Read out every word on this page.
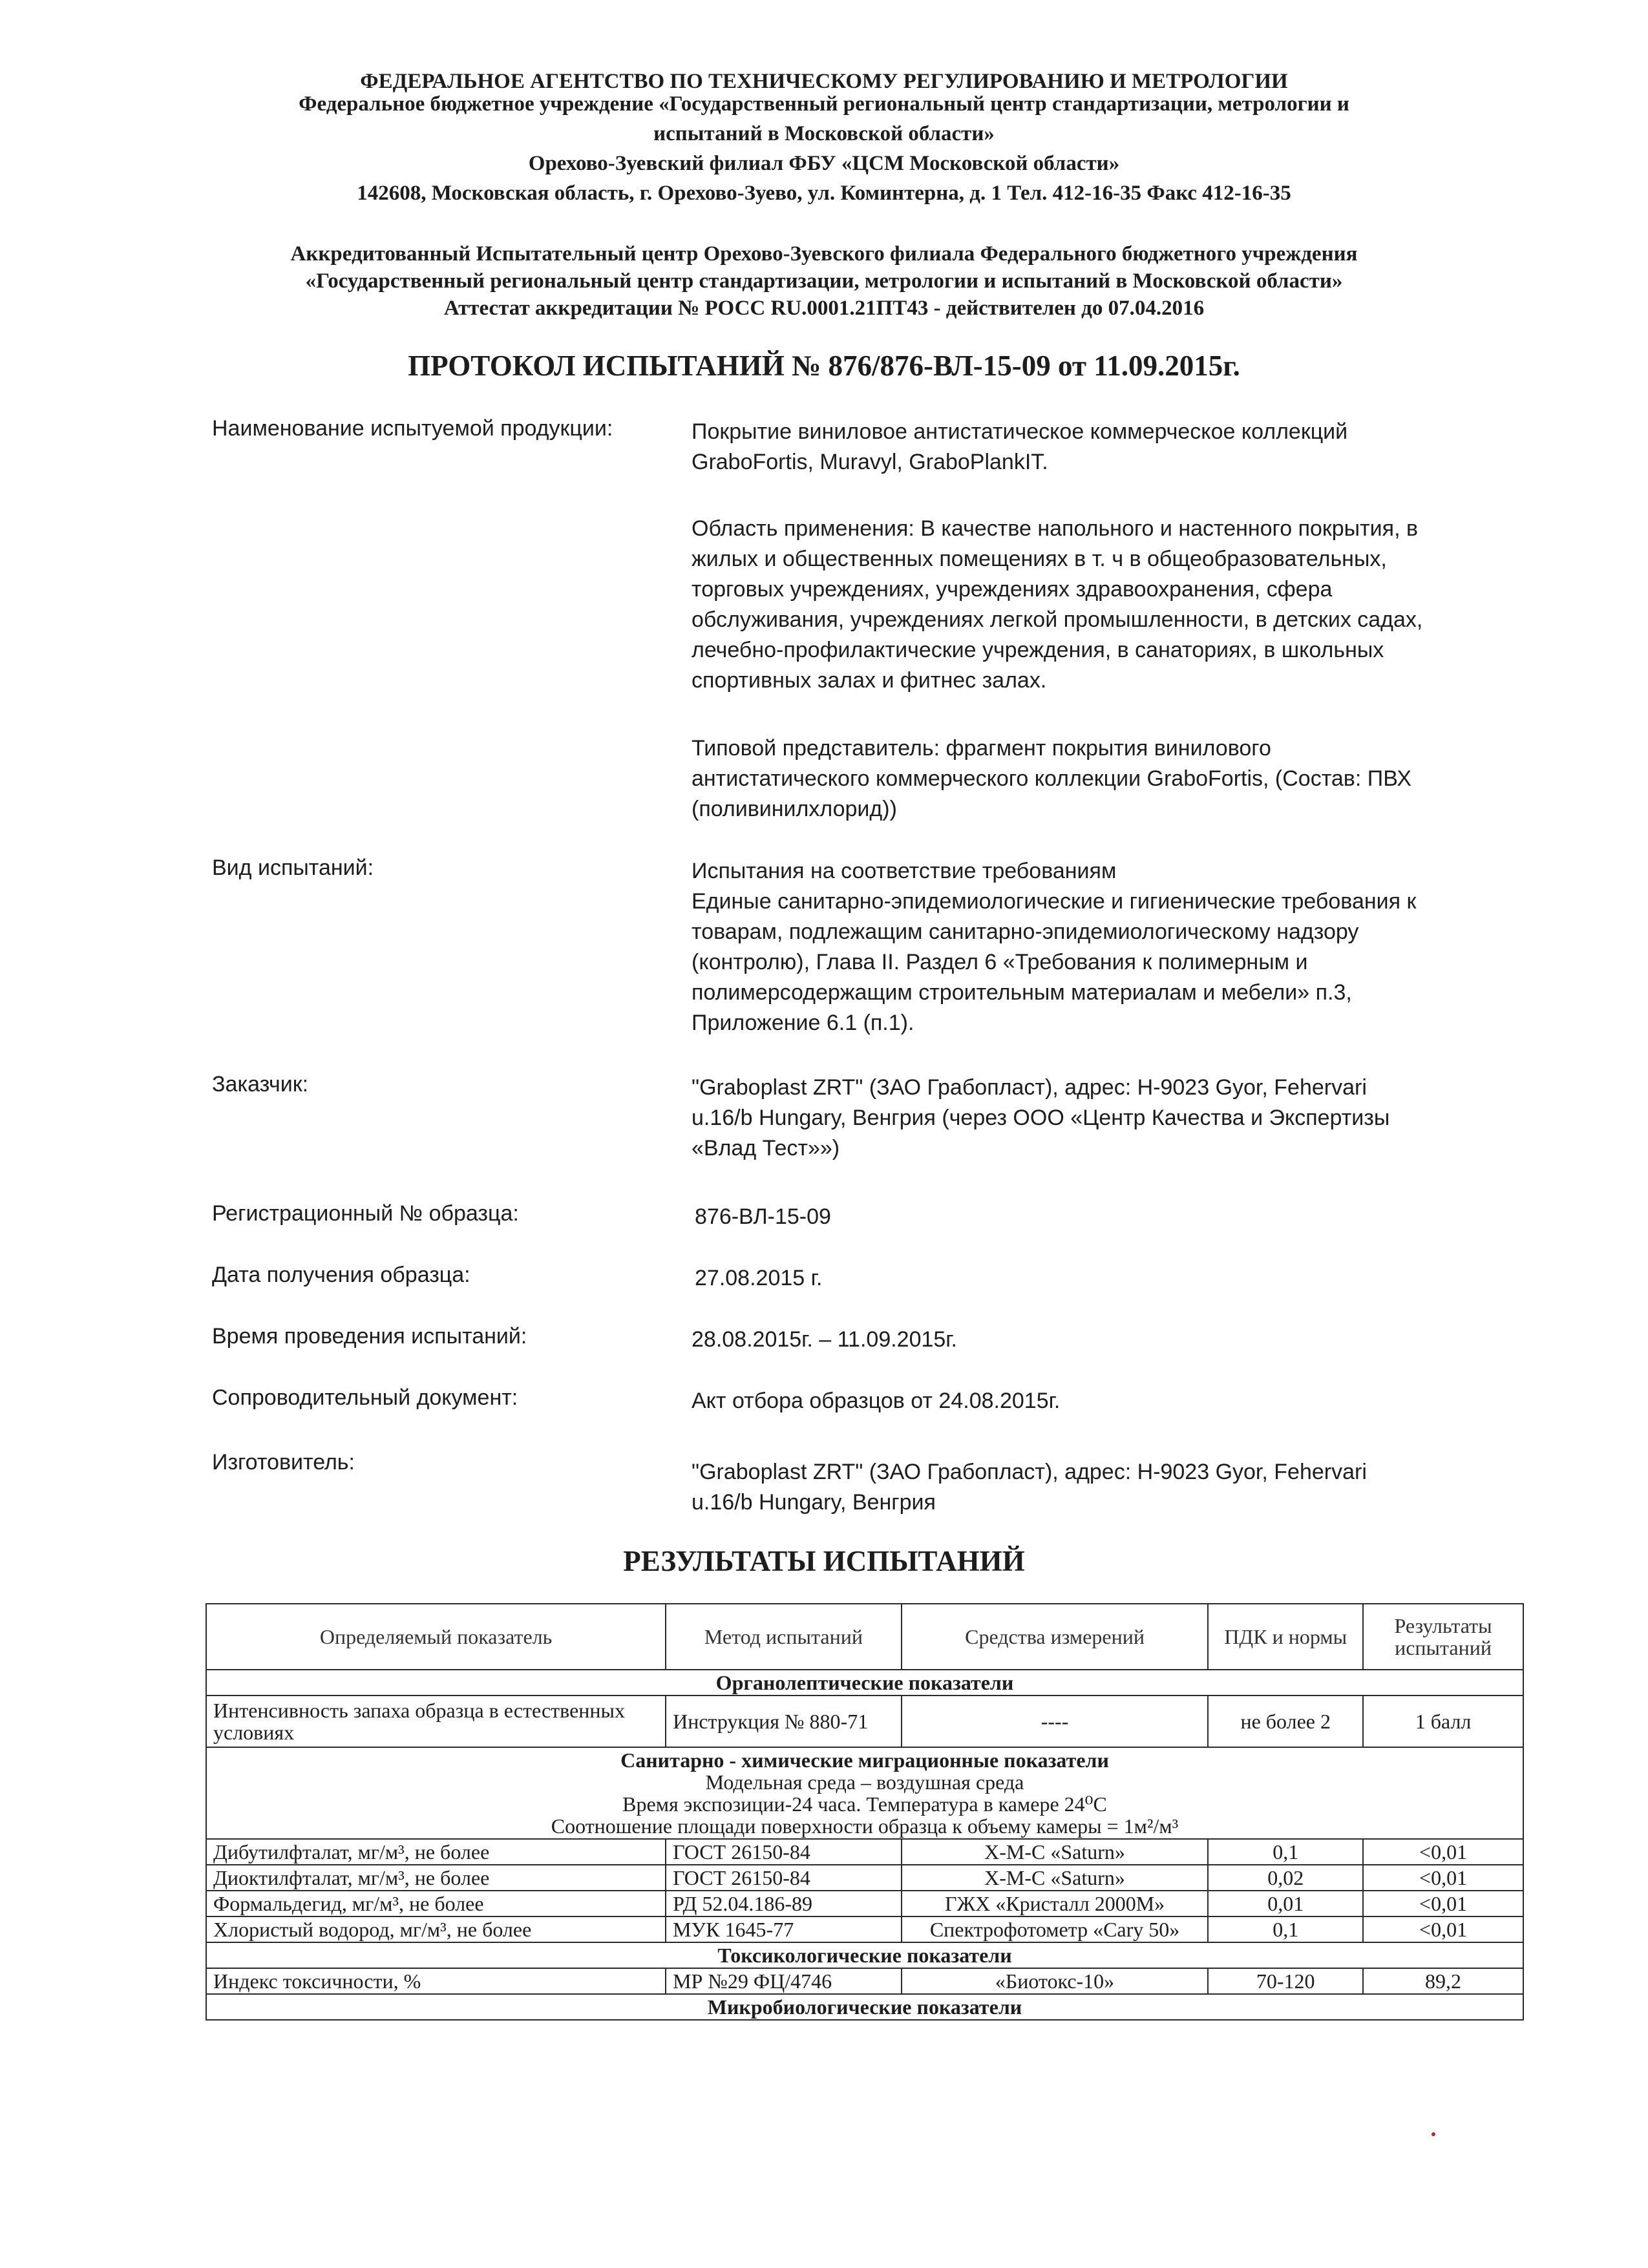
ФЕДЕРАЛЬНОЕ АГЕНТСТВО ПО ТЕХНИЧЕСКОМУ РЕГУЛИРОВАНИЮ И МЕТРОЛОГИИ
Федеральное бюджетное учреждение «Государственный региональный центр стандартизации, метрологии и
испытаний в Московской области»
Орехово-Зуевский филиал ФБУ «ЦСМ Московской области»
142608, Московская область, г. Орехово-Зуево, ул. Коминтерна, д. 1 Тел. 412-16-35 Факс 412-16-35
Аккредитованный Испытательный центр Орехово-Зуевского филиала Федерального бюджетного учреждения
«Государственный региональный центр стандартизации, метрологии и испытаний в Московской области»
Аттестат аккредитации № РОСС RU.0001.21ПТ43 - действителен до 07.04.2016
ПРОТОКОЛ ИСПЫТАНИЙ № 876/876-ВЛ-15-09 от 11.09.2015г.
Наименование испытуемой продукции:	Покрытие виниловое антистатическое коммерческое коллекций
GraboFortis, Muravyl, GraboPlankIT.
Область применения: В качестве напольного и настенного покрытия, в
жилых и общественных помещениях в т. ч в общеобразовательных,
торговых учреждениях, учреждениях здравоохранения, сфера
обслуживания, учреждениях легкой промышленности, в детских садах,
лечебно-профилактические учреждения, в санаториях, в школьных
спортивных залах и фитнес залах.
Типовой представитель: фрагмент покрытия винилового
антистатического коммерческого коллекции GraboFortis, (Состав: ПВХ
(поливинилхлорид))
Вид испытаний:	Испытания на соответствие требованиям
Единые санитарно-эпидемиологические и гигиенические требования к
товарам, подлежащим санитарно-эпидемиологическому надзору
(контролю), Глава II. Раздел 6 «Требования к полимерным и
полимерсодержащим строительным материалам и мебели» п.3,
Приложение 6.1 (п.1).
Заказчик:	"Graboplast ZRT" (ЗАО Грабопласт), адрес: H-9023 Gyor, Fehervari
u.16/b Hungary, Венгрия (через ООО «Центр Качества и Экспертизы
«Влад Тест»»)
Регистрационный № образца:	876-ВЛ-15-09
Дата получения образца:	27.08.2015 г.
Время проведения испытаний:	28.08.2015г. – 11.09.2015г.
Сопроводительный документ:	Акт отбора образцов от 24.08.2015г.
Изготовитель:	"Graboplast ZRT" (ЗАО Грабопласт), адрес: H-9023 Gyor, Fehervari
u.16/b Hungary, Венгрия
РЕЗУЛЬТАТЫ ИСПЫТАНИЙ
Определяемый показатель	Метод испытаний	Средства измерений	ПДК и нормы	Результаты испытаний
Органолептические показатели				
Интенсивность запаха образца в естественных условиях	Инструкция № 880-71	----	не более 2	1 балл

Санитарно - химические миграционные показатели
Модельная среда – воздушная среда
Время экспозиции-24 часа. Температура в камере 24⁰С
Соотношение площади поверхности образца к объему камеры = 1м²/м³				

Дибутилфталат, мг/м³, не более	ГОСТ 26150-84	Х-М-С «Saturn»	0,1	<0,01
Диоктилфталат, мг/м³, не более	ГОСТ 26150-84	Х-М-С «Saturn»	0,02	<0,01
Формальдегид, мг/м³, не более	РД 52.04.186-89	ГЖХ «Кристалл 2000М»	0,01	<0,01
Хлористый водород, мг/м³, не более	МУК 1645-77	Спектрофотометр «Cary 50»	0,1	<0,01
Токсикологические показатели				
Индекс токсичности, %	МР №29 ФЦ/4746	«Биотокс-10»	70-120	89,2
Микробиологические показатели				
